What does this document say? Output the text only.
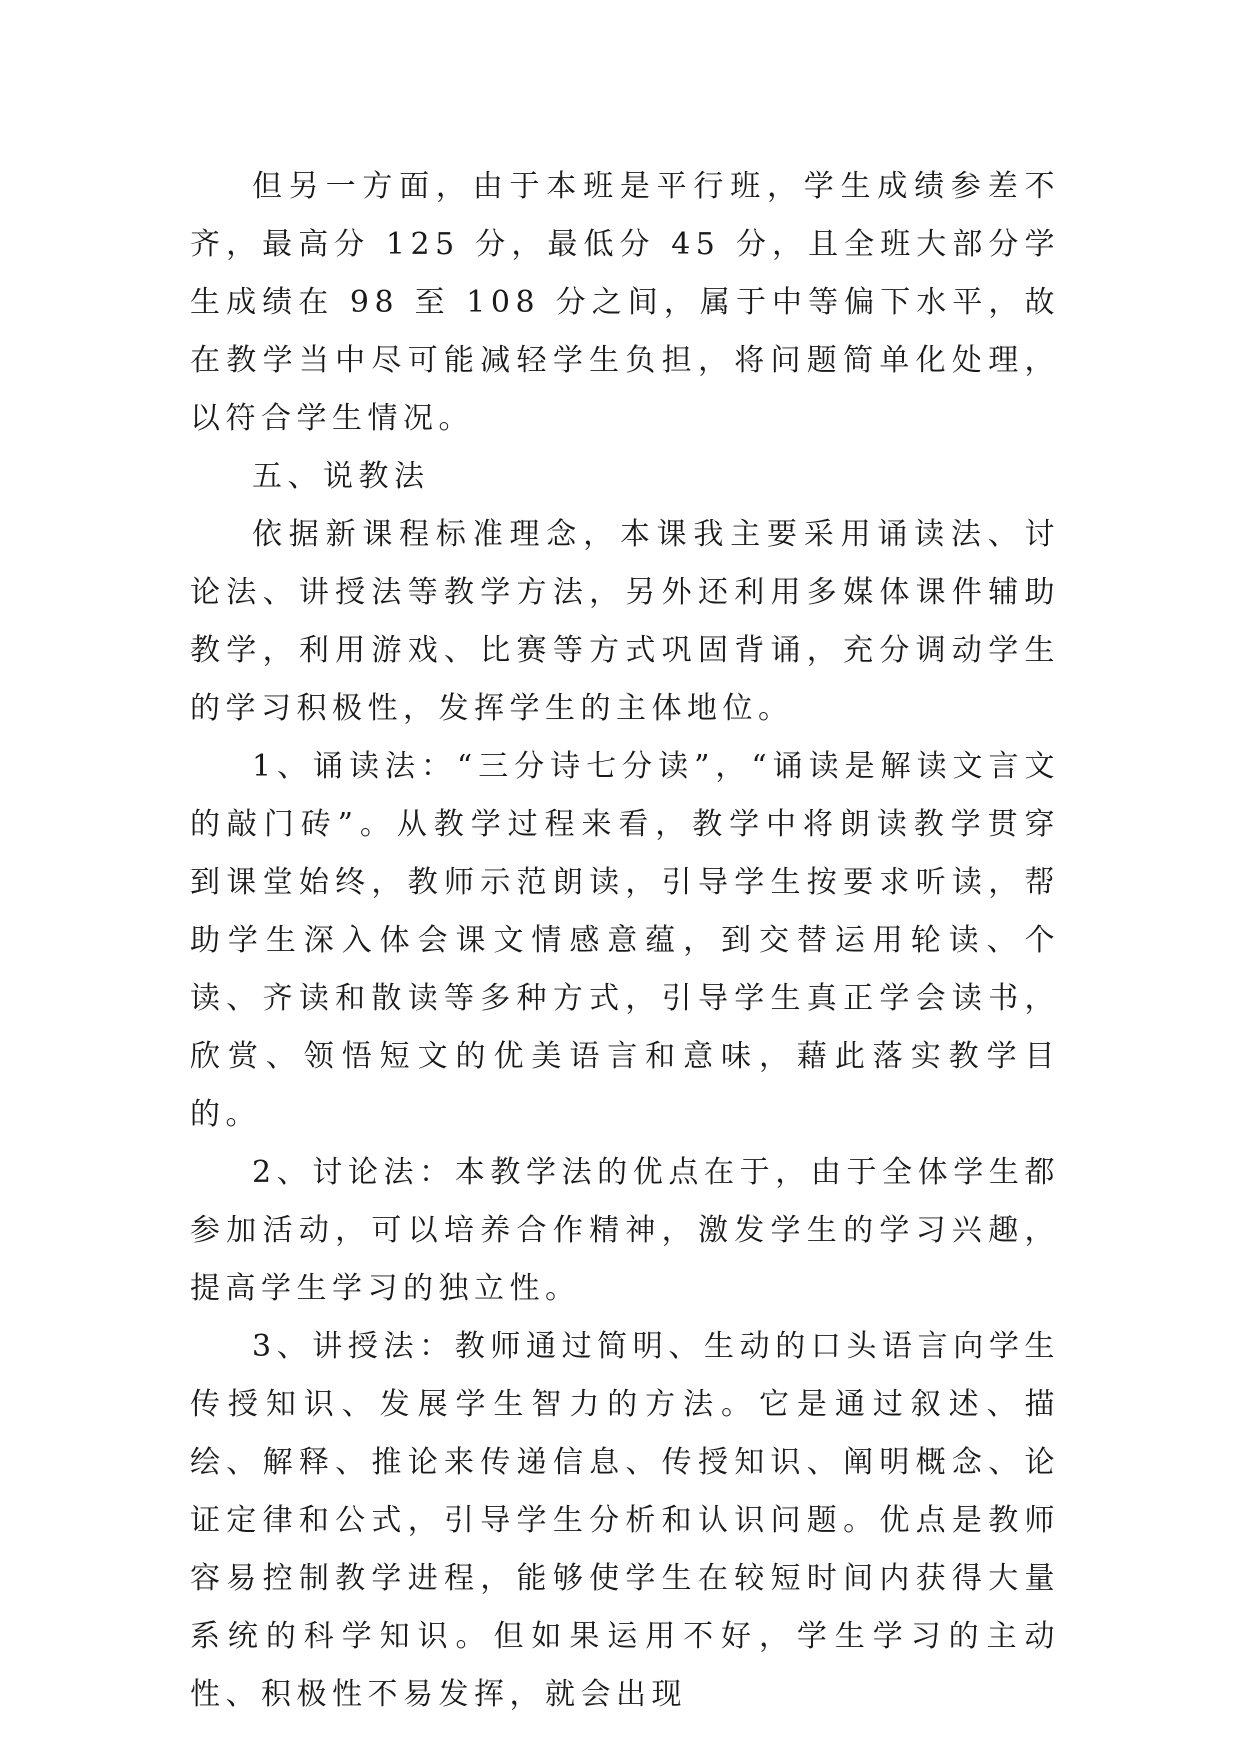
但另一方面，由于本班是平行班，学生成绩参差不齐，最高分 125 分，最低分 45 分，且全班大部分学生成绩在 98 至 108 分之间，属于中等偏下水平，故在教学当中尽可能减轻学生负担，将问题简单化处理，以符合学生情况。

五、说教法

依据新课程标准理念，本课我主要采用诵读法、讨论法、讲授法等教学方法，另外还利用多媒体课件辅助教学，利用游戏、比赛等方式巩固背诵，充分调动学生的学习积极性，发挥学生的主体地位。

1、诵读法：“三分诗七分读”，“诵读是解读文言文的敲门砖”。从教学过程来看，教学中将朗读教学贯穿到课堂始终，教师示范朗读，引导学生按要求听读，帮助学生深入体会课文情感意蕴，到交替运用轮读、个读、齐读和散读等多种方式，引导学生真正学会读书，欣赏、领悟短文的优美语言和意味，藉此落实教学目的。

2、讨论法：本教学法的优点在于，由于全体学生都参加活动，可以培养合作精神，激发学生的学习兴趣，提高学生学习的独立性。

3、讲授法：教师通过简明、生动的口头语言向学生传授知识、发展学生智力的方法。它是通过叙述、描绘、解释、推论来传递信息、传授知识、阐明概念、论证定律和公式，引导学生分析和认识问题。优点是教师容易控制教学进程，能够使学生在较短时间内获得大量系统的科学知识。但如果运用不好，学生学习的主动性、积极性不易发挥，就会出现
